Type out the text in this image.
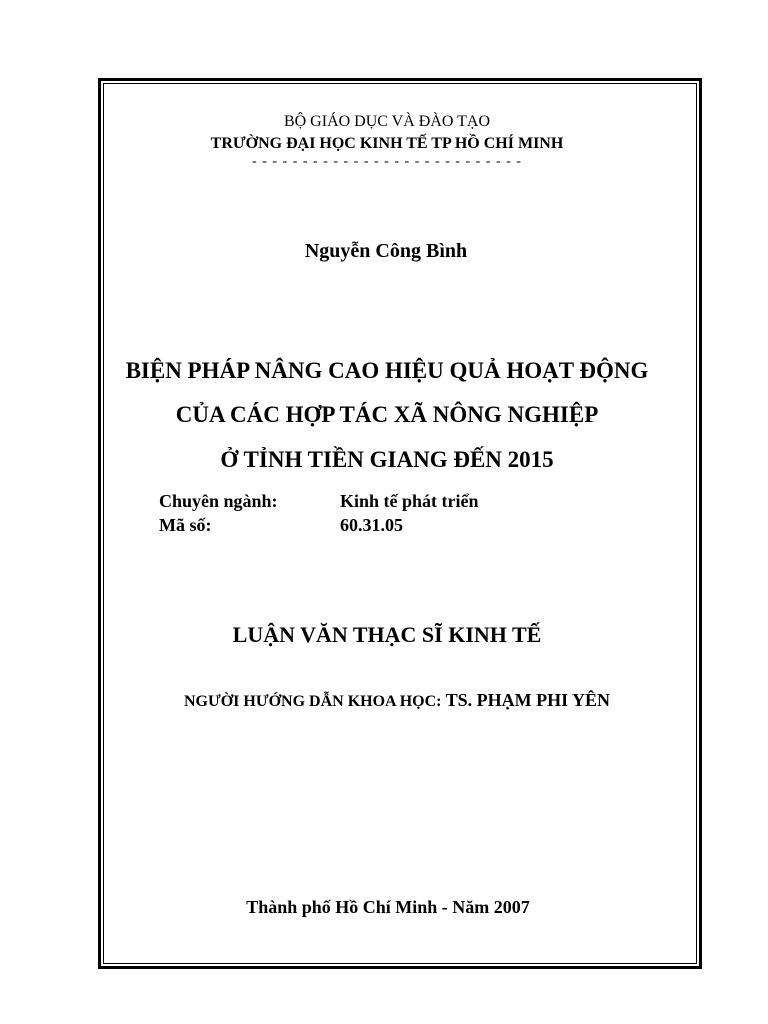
BỘ GIÁO DỤC VÀ ĐÀO TẠO
TRƯỜNG ĐẠI HỌC KINH TẾ TP HỒ CHÍ MINH
- - - - - - - - - - - - - - - - - - - - - - - - - - -
Nguyễn Công Bình
BIỆN PHÁP NÂNG CAO HIỆU QUẢ HOẠT ĐỘNG
CỦA CÁC HỢP TÁC XÃ NÔNG NGHIỆP
Ở TỈNH TIỀN GIANG ĐẾN 2015
Chuyên ngành:	Kinh tế phát triển
Mã số:	60.31.05
LUẬN VĂN THẠC SĨ KINH TẾ
NGƯỜI HƯỚNG DẪN KHOA HỌC: TS. PHẠM PHI YÊN
Thành phố Hồ Chí Minh - Năm 2007
